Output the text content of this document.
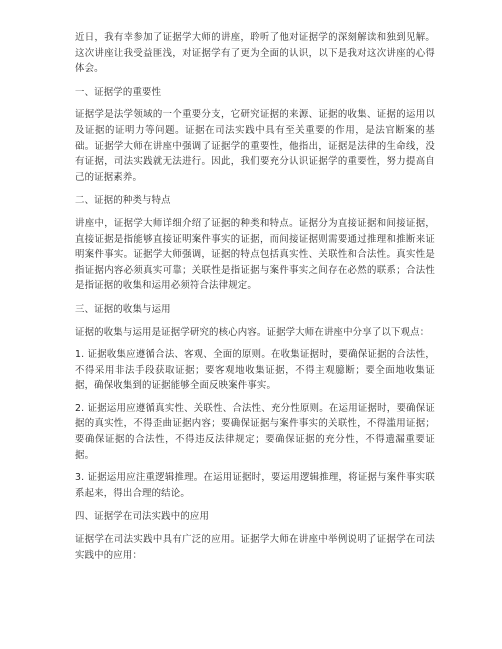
近日，我有幸参加了证据学大师的讲座，聆听了他对证据学的深刻解读和独到见解。这次讲座让我受益匪浅，对证据学有了更为全面的认识，以下是我对这次讲座的心得体会。

一、证据学的重要性

证据学是法学领域的一个重要分支，它研究证据的来源、证据的收集、证据的运用以及证据的证明力等问题。证据在司法实践中具有至关重要的作用，是法官断案的基础。证据学大师在讲座中强调了证据学的重要性，他指出，证据是法律的生命线，没有证据，司法实践就无法进行。因此，我们要充分认识证据学的重要性，努力提高自己的证据素养。

二、证据的种类与特点

讲座中，证据学大师详细介绍了证据的种类和特点。证据分为直接证据和间接证据，直接证据是指能够直接证明案件事实的证据，而间接证据则需要通过推理和推断来证明案件事实。证据学大师强调，证据的特点包括真实性、关联性和合法性。真实性是指证据内容必须真实可靠；关联性是指证据与案件事实之间存在必然的联系；合法性是指证据的收集和运用必须符合法律规定。

三、证据的收集与运用

证据的收集与运用是证据学研究的核心内容。证据学大师在讲座中分享了以下观点：

1. 证据收集应遵循合法、客观、全面的原则。在收集证据时，要确保证据的合法性，不得采用非法手段获取证据；要客观地收集证据，不得主观臆断；要全面地收集证据，确保收集到的证据能够全面反映案件事实。

2. 证据运用应遵循真实性、关联性、合法性、充分性原则。在运用证据时，要确保证据的真实性，不得歪曲证据内容；要确保证据与案件事实的关联性，不得滥用证据；要确保证据的合法性，不得违反法律规定；要确保证据的充分性，不得遗漏重要证据。

3. 证据运用应注重逻辑推理。在运用证据时，要运用逻辑推理，将证据与案件事实联系起来，得出合理的结论。

四、证据学在司法实践中的应用

证据学在司法实践中具有广泛的应用。证据学大师在讲座中举例说明了证据学在司法实践中的应用：
